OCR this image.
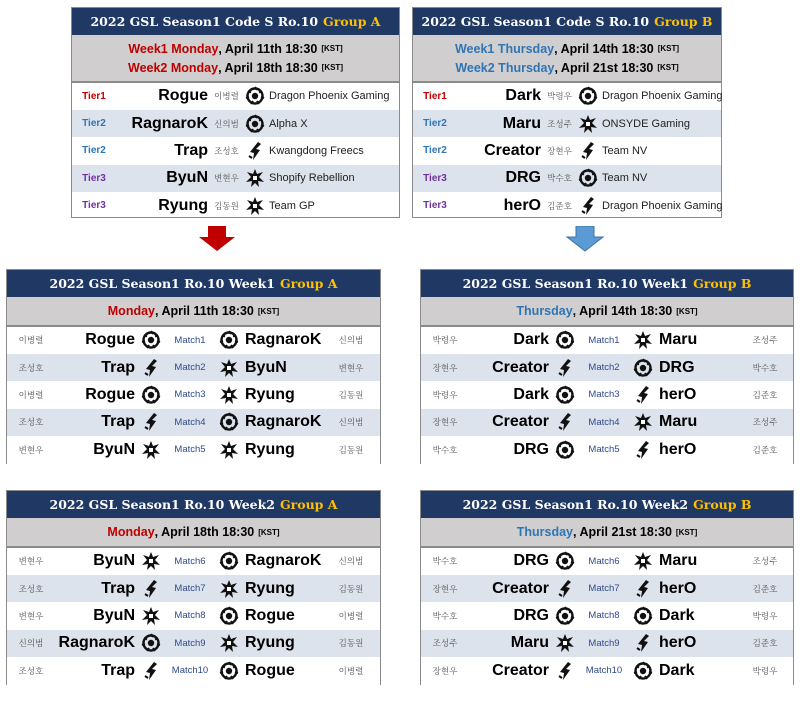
2022 GSL Season1 Code S Ro.10 Group A
Week1 Monday , April 11th 18:30 [KST]
Week2 Monday , April 18th 18:30 [KST]
Tier1	Rogue 이병렬	Dragon Phoenix Gaming
Tier2	RagnaroK 신의범	Alpha X
Tier2	Trap 조성호	Kwangdong Freecs
Tier3	ByuN 변현우	Shopify Rebellion
Tier3	Ryung 김동원	Team GP
2022 GSL Season1 Code S Ro.10 Group B
Week1 Thursday , April 14th 18:30 [KST]
Week2 Thursday , April 21st 18:30 [KST]
Tier1	Dark 박령우	Dragon Phoenix Gaming
Tier2	Maru 조성주	ONSYDE Gaming
Tier2	Creator 장현우	Team NV
Tier3	DRG 박수호	Team NV
Tier3	herO 김준호	Dragon Phoenix Gaming
2022 GSL Season1 Ro.10 Week1 Group A
Monday , April 11th 18:30 [KST]
이병렬	Rogue	Match1	RagnaroK	신의범
조성호	Trap	Match2	ByuN	변현우
이병렬	Rogue	Match3	Ryung	김동원
조성호	Trap	Match4	RagnaroK	신의범
변현우	ByuN	Match5	Ryung	김동원
2022 GSL Season1 Ro.10 Week1 Group B
Thursday , April 14th 18:30 [KST]
박령우	Dark	Match1	Maru	조성주
장현우	Creator	Match2	DRG	박수호
박령우	Dark	Match3	herO	김준호
장현우	Creator	Match4	Maru	조성주
박수호	DRG	Match5	herO	김준호
2022 GSL Season1 Ro.10 Week2 Group A
Monday , April 18th 18:30 [KST]
변현우	ByuN	Match6	RagnaroK	신의범
조성호	Trap	Match7	Ryung	김동원
변현우	ByuN	Match8	Rogue	이병렬
신의범 RagnaroK	Match9	Ryung	김동원
조성호	Trap	Match10	Rogue	이병렬
2022 GSL Season1 Ro.10 Week2 Group B
Thursday , April 21st 18:30 [KST]
박수호	DRG	Match6	Maru	조성주
장현우	Creator	Match7	herO	김준호
박수호	DRG	Match8	Dark	박령우
조성주	Maru	Match9	herO	김준호
장현우	Creator	Match10	Dark	박령우
